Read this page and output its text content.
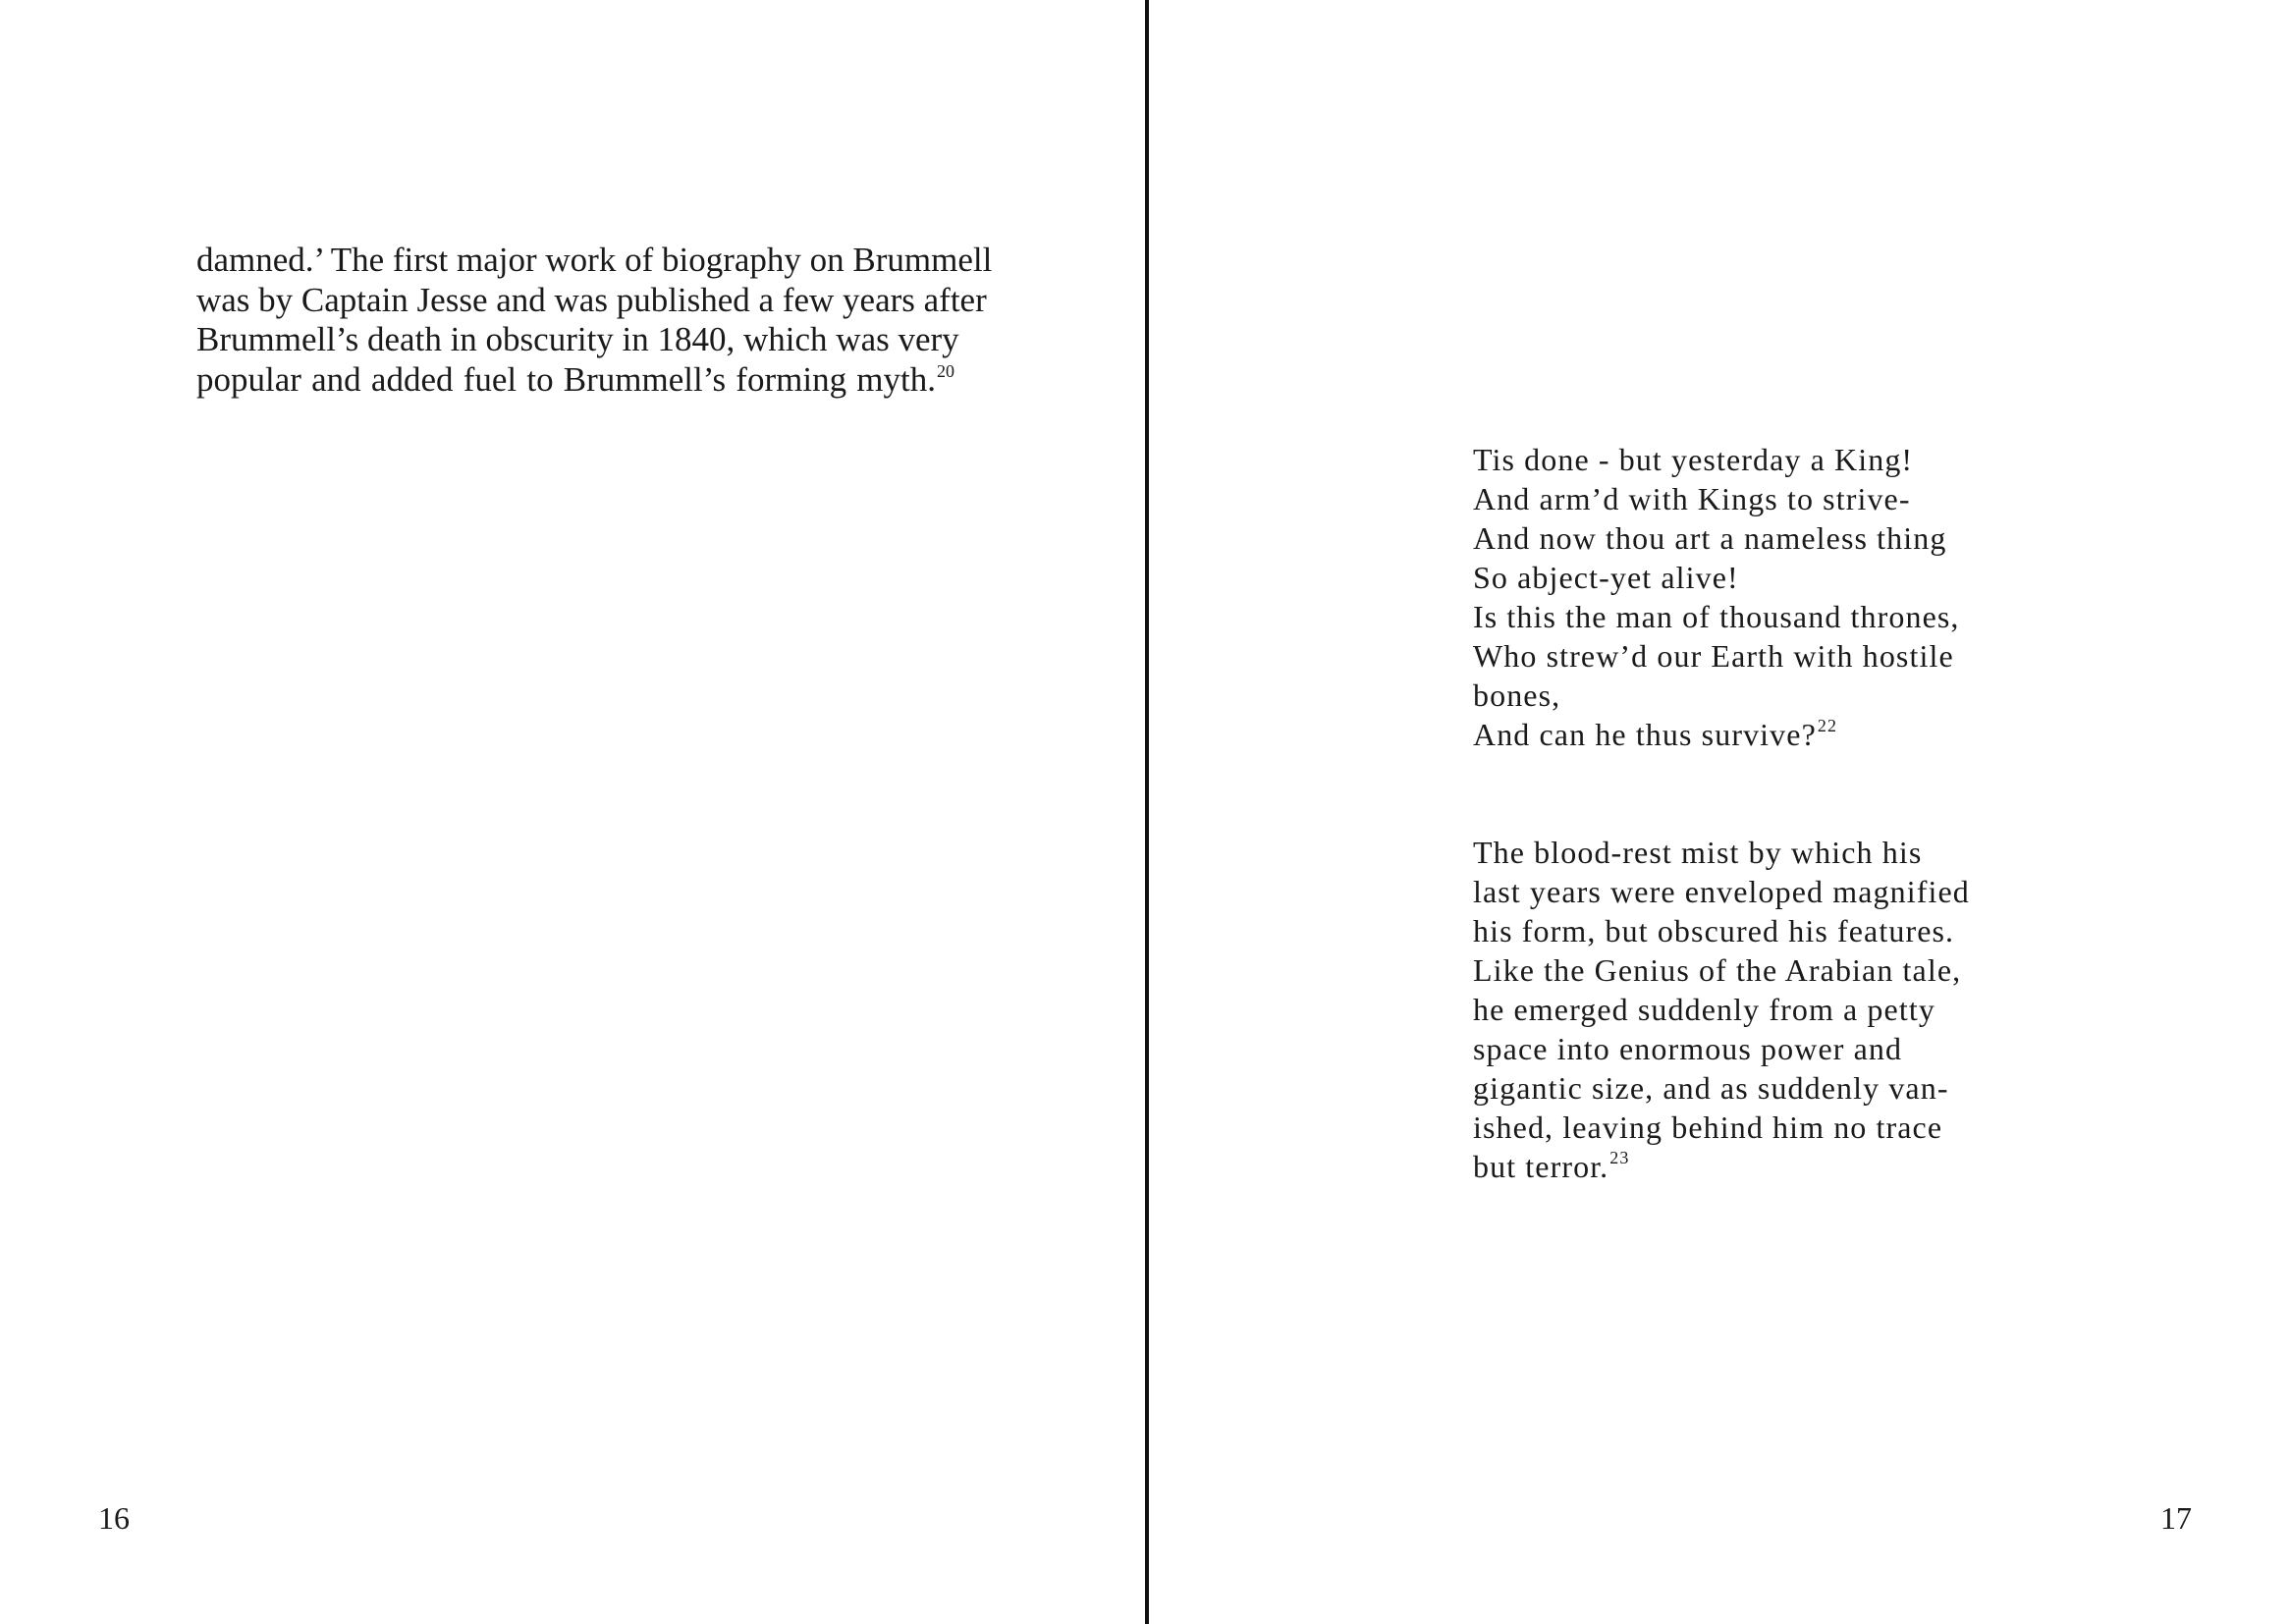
damned.’ The first major work of biography on Brummell
was by Captain Jesse and was published a few years after
Brummell’s death in obscurity in 1840, which was very
popular and added fuel to Brummell’s forming myth.$^{20}$
16
Tis done - but yesterday a King!
And arm’d with Kings to strive-
And now thou art a nameless thing
So abject-yet alive!
Is this the man of thousand thrones,
Who strew’d our Earth with hostile
bones,
And can he thus survive?$^{22}$
The blood-rest mist by which his
last years were enveloped magnified
his form, but obscured his features.
Like the Genius of the Arabian tale,
he emerged suddenly from a petty
space into enormous power and
gigantic size, and as suddenly van-
ished, leaving behind him no trace
but terror.$^{23}$
17
